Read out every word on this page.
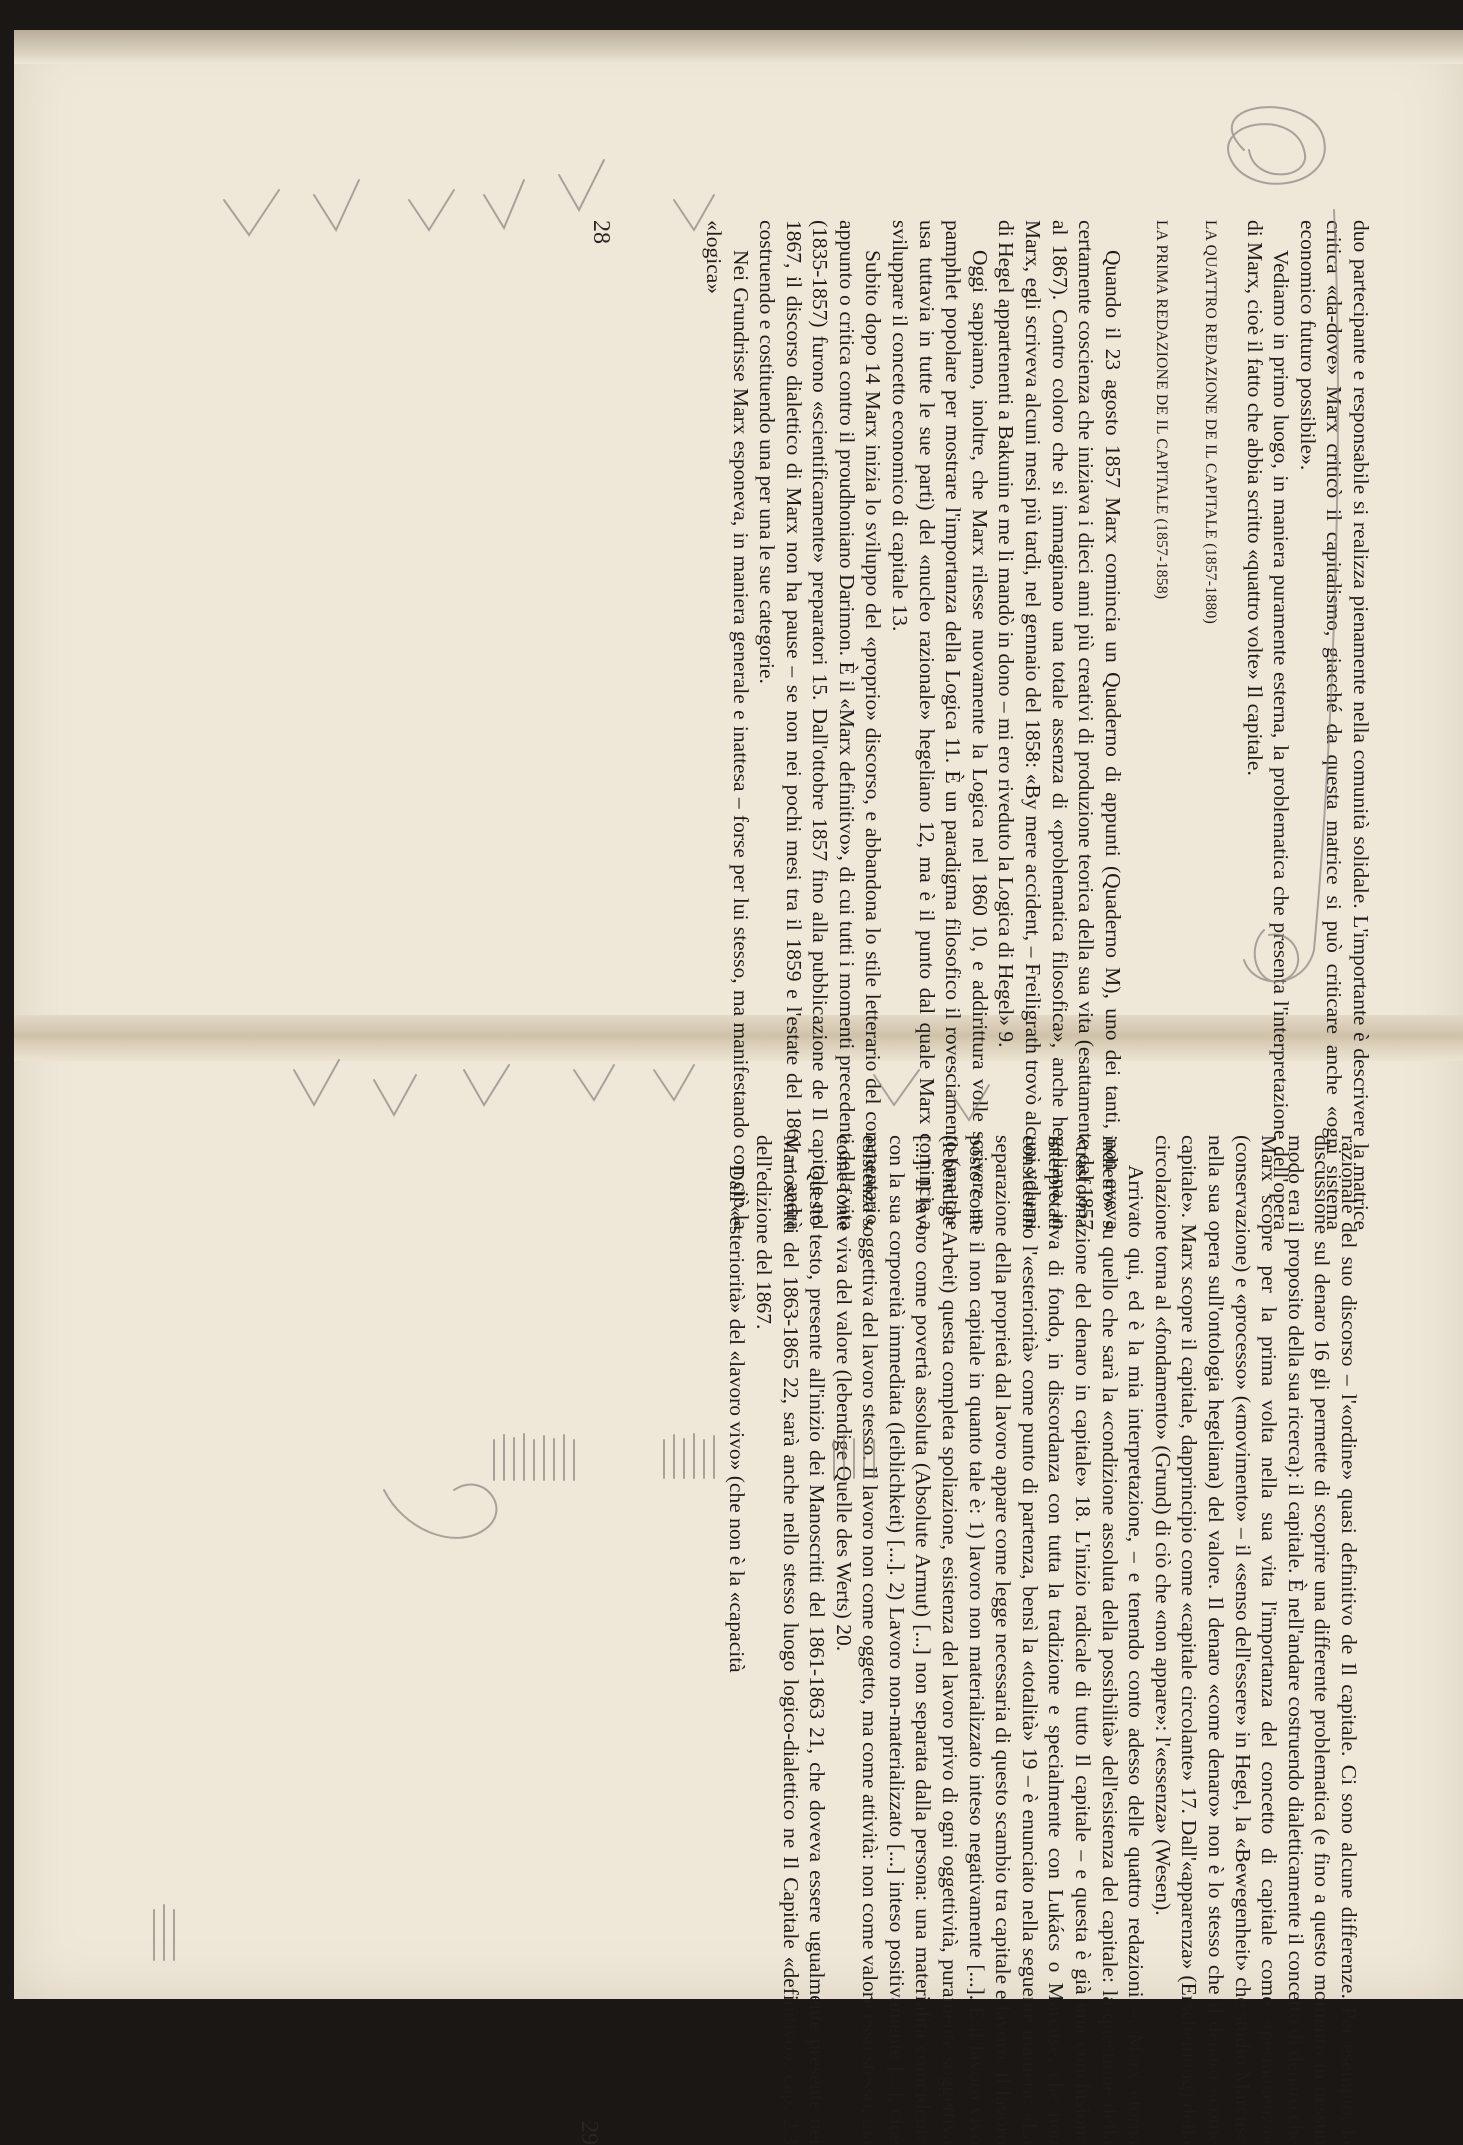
duo partecipante e responsabile si realizza pienamente nella comunità solidale. L'importante è descrivere la matrice critica «da-dove» Marx criticò il capitalismo, giacché da questa matrice si può criticare anche «ogni sistema economico futuro possibile».

Vediamo in primo luogo, in maniera puramente esterna, la problematica che presenta l'interpretazione dell'opera di Marx, cioè il fatto che abbia scritto «quattro volte» Il capitale.

LA QUATTRO REDAZIONE DE IL CAPITALE (1857-1880)
LA PRIMA REDAZIONE DE IL CAPITALE (1857-1858)

Quando il 23 agosto 1857 Marx comincia un Quaderno di appunti (Quaderno M), uno dei tanti, non aveva certamente coscienza che iniziava i dieci anni più creativi di produzione teorica della sua vita (esattamente dal 1857 al 1867). Contro coloro che si immaginano una totale assenza di «problematica filosofica», anche hegeliana, in Marx, egli scriveva alcuni mesi più tardi, nel gennaio del 1858: «By mere accident, – Freiligrath trovò alcuni volumi di Hegel appartenenti a Bakunin e me li mandò in dono – mi ero riveduto la Logica di Hegel» 9.

Oggi sappiamo, inoltre, che Marx rilesse nuovamente la Logica nel 1860 10, e addirittura volle scrivere un pamphlet popolare per mostrare l'importanza della Logica 11. È un paradigma filosofico il rovesciamento (ma che usa tuttavia in tutte le sue parti) del «nucleo razionale» hegeliano 12, ma è il punto dal quale Marx comincia a sviluppare il concetto economico di capitale 13.

Subito dopo 14 Marx inizia lo sviluppo del «proprio» discorso, e abbandona lo stile letterario del commentario, appunto o critica contro il proudhoniano Darimon. È il «Marx definitivo», di cui tutti i momenti precedenti della vita (1835-1857) furono «scientificamente» preparatori 15. Dall'ottobre 1857 fino alla pubblicazione de Il capitale nel 1867, il discorso dialettico di Marx non ha pause – se non nei pochi mesi tra il 1859 e l'estate del 1861 –: andrà costruendo e costituendo una per una le sue categorie.

Nei Grundrisse Marx esponeva, in maniera generale e inattesa – forse per lui stesso, ma manifestando con ciò la «logica»

28

razionale del suo discorso – l'«ordine» quasi definitivo de Il capitale. Ci sono alcune differenze. Per esempio, la discussione sul denaro 16 gli permette di scoprire una differente problematica (e fino a questo momento in nessun modo era il proposito della sua ricerca): il capitale. È nell'andare costruendo dialetticamente il concetto di denaro che Marx scopre per la prima volta nella sua vita l'importanza del concetto di capitale come «permanenza» (conservazione) e «processo» («movimento» – il «senso dell'essere» in Hegel, la «Bewegenheit» che studiò Marcuse nella sua opera sull'ontologia hegeliana) del valore. Il denaro «come denaro» non è lo stesso che il denaro «come capitale». Marx scopre il capitale, dapprincipio come «capitale circolante» 17. Dall'«apparenza» (Erscheinung) della circolazione torna al «fondamento» (Grund) di ciò che «non appare»: l'«essenza» (Wesen).

Arrivato qui, ed è la mia interpretazione, – e tenendo conto adesso delle quattro redazioni –, Marx «torna indietro» su quello che sarà la «condizione assoluta della possibilità» dell'esistenza del capitale: la questione della «trasformazione del denaro in capitale» 18. L'inizio radicale di tutto Il capitale – e questa è già una conclusione interpretativa di fondo, in discordanza con tutta la tradizione e specialmente con Lukács o Marcuse, che non considerano l'«esteriorità» come punto di partenza, bensì la «totalità» 19 – è enunciato nella seguente maniera: «La separazione della proprietà dal lavoro appare come legge necessaria di questo scambio tra capitale e lavoro. Il lavoro posto come il non capitale in quanto tale è: 1) lavoro non materializzato inteso negativamente [...]. È il lavoro vivo (lebendige Arbeit) questa completa spoliazione, esistenza del lavoro privo di ogni oggettività, puramente soggettiva [...]. Il lavoro come povertà assoluta (Absolute Armut) [...] non separata dalla persona: una materialità coincidente con la sua corporeità immediata (leiblichkeit) [...]. 2) Lavoro non-materializzato [...] inteso positivamente [...], cioè esistenza soggettiva del lavoro stesso. Il lavoro non come oggetto, ma come attività: non come valore esso stesso, ma come fonte viva del valore (lebendige Quelle des Werts) 20.

Questo testo, presente all'inizio dei Manoscritti del 1861-1863 21, che doveva essere ugualmente presente nei Manoscritti del 1863-1865 22, sarà anche nello stesso luogo logico-dialettico ne Il Capitale «definitivo», cap. 2.3 dell'edizione del 1867.

Dall'«esteriorità» del «lavoro vivo» (che non è la «capacità

29
